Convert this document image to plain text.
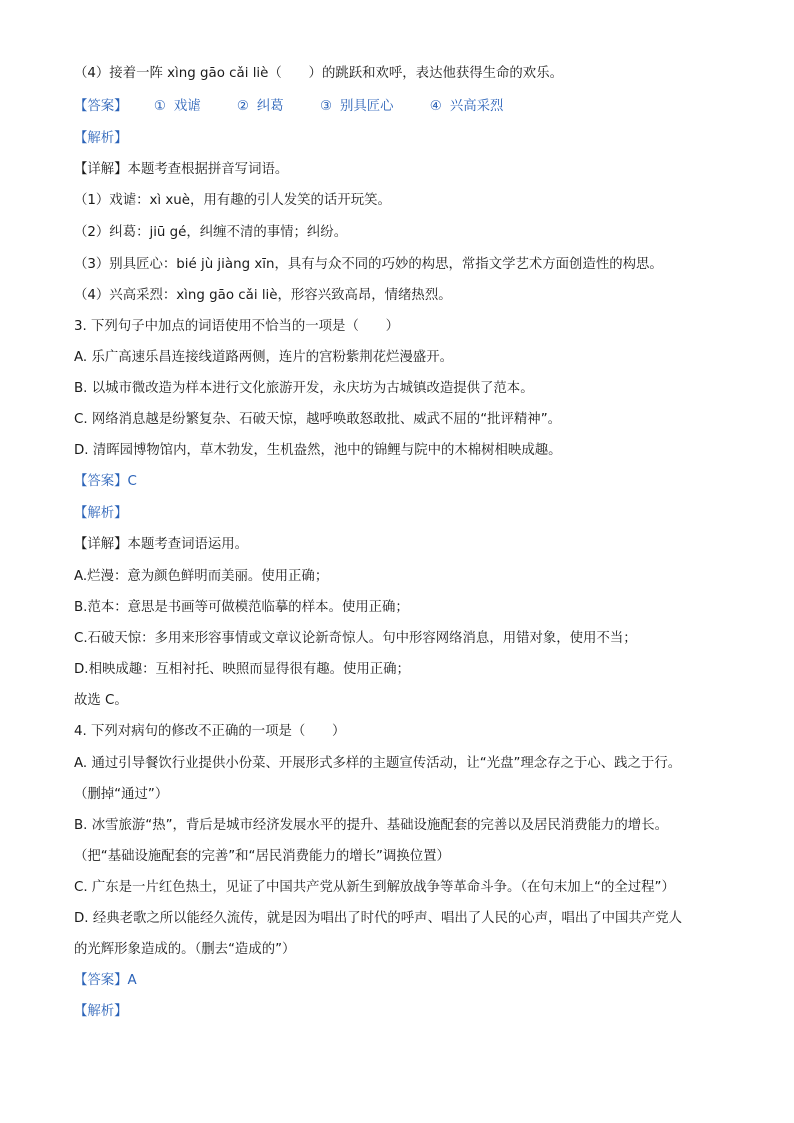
（4）接着一阵 xìng gāo cǎi liè（　　）的跳跃和欢呼，表达他获得生命的欢乐。
【答案】 ① 戏谑	② 纠葛	③ 别具匠心	④ 兴高采烈
【解析】
【详解】本题考查根据拼音写词语。
（1）戏谑：xì xuè，用有趣的引人发笑的话开玩笑。
（2）纠葛：jiū gé，纠缠不清的事情；纠纷。
（3）别具匠心：bié jù jiàng xīn，具有与众不同的巧妙的构思，常指文学艺术方面创造性的构思。
（4）兴高采烈：xìng gāo cǎi liè，形容兴致高昂，情绪热烈。
3. 下列句子中加点的词语使用不恰当的一项是（　　）
A. 乐广高速乐昌连接线道路两侧，连片的宫粉紫荆花烂漫盛开。
B. 以城市微改造为样本进行文化旅游开发，永庆坊为古城镇改造提供了范本。
C. 网络消息越是纷繁复杂、石破天惊，越呼唤敢怒敢批、威武不屈的“批评精神”。
D. 清晖园博物馆内，草木勃发，生机盎然，池中的锦鲤与院中的木棉树相映成趣。
【答案】C
【解析】
【详解】本题考查词语运用。
A.烂漫：意为颜色鲜明而美丽。使用正确；
B.范本：意思是书画等可做模范临摹的样本。使用正确；
C.石破天惊：多用来形容事情或文章议论新奇惊人。句中形容网络消息，用错对象，使用不当；
D.相映成趣：互相衬托、映照而显得很有趣。使用正确；
故选 C。
4. 下列对病句的修改不正确的一项是（　　）
A. 通过引导餐饮行业提供小份菜、开展形式多样的主题宣传活动，让“光盘”理念存之于心、践之于行。
（删掉“通过”）
B. 冰雪旅游“热”，背后是城市经济发展水平的提升、基础设施配套的完善以及居民消费能力的增长。
（把“基础设施配套的完善”和“居民消费能力的增长”调换位置）
C. 广东是一片红色热土，见证了中国共产党从新生到解放战争等革命斗争。（在句末加上“的全过程”）
D. 经典老歌之所以能经久流传，就是因为唱出了时代的呼声、唱出了人民的心声，唱出了中国共产党人
的光辉形象造成的。（删去“造成的”）
【答案】A
【解析】
